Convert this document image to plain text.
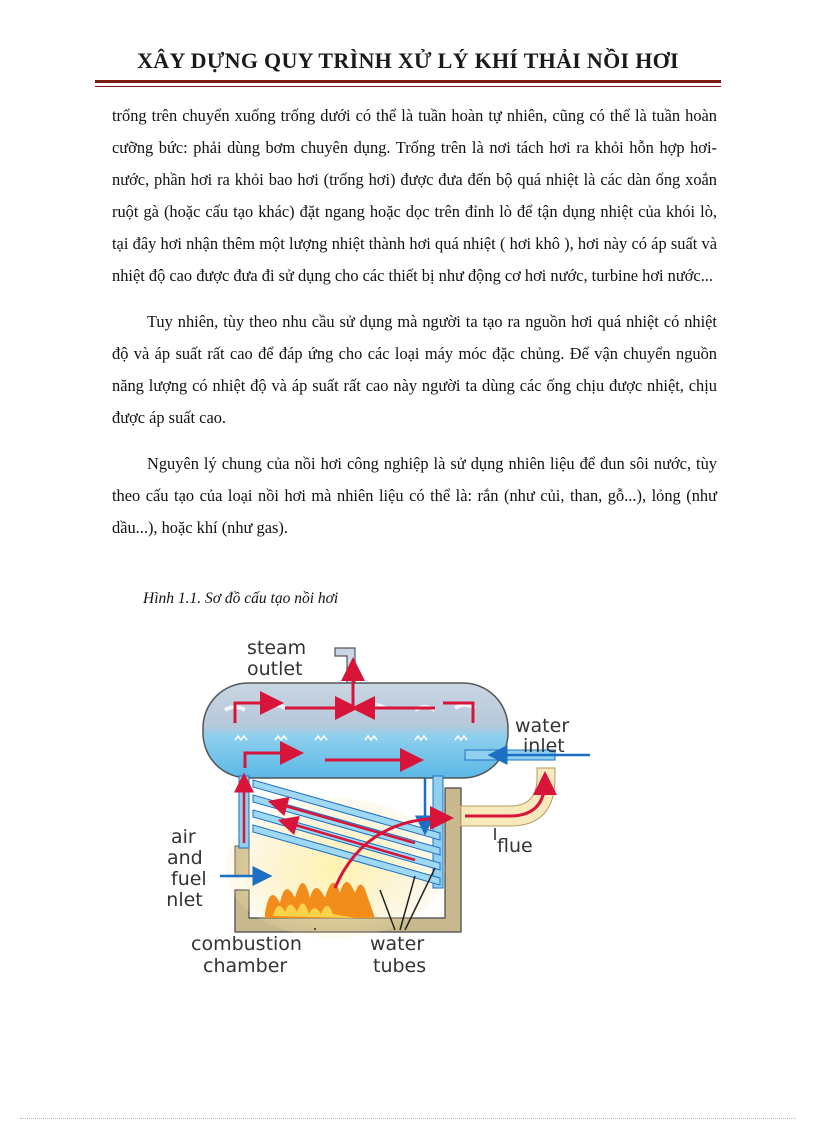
XÂY DỰNG QUY TRÌNH XỬ LÝ KHÍ THẢI NỒI HƠI

trống trên chuyển xuống trống dưới có thể là tuần hoàn tự nhiên, cũng có thể là tuần hoàn cưỡng bức: phải dùng bơm chuyên dụng. Trống trên là nơi tách hơi ra khỏi hỗn hợp hơi-nước, phần hơi ra khỏi bao hơi (trống hơi) được đưa đến bộ quá nhiệt là các dàn ống xoắn ruột gà (hoặc cấu tạo khác) đặt ngang hoặc dọc trên đỉnh lò để tận dụng nhiệt của khói lò, tại đây hơi nhận thêm một lượng nhiệt thành hơi quá nhiệt ( hơi khô ), hơi này có áp suất và nhiệt độ cao được đưa đi sử dụng cho các thiết bị như động cơ hơi nước, turbine hơi nước...

Tuy nhiên, tùy theo nhu cầu sử dụng mà người ta tạo ra nguồn hơi quá nhiệt có nhiệt độ và áp suất rất cao để đáp ứng cho các loại máy móc đặc chủng. Để vận chuyển nguồn năng lượng có nhiệt độ và áp suất rất cao này người ta dùng các ống chịu được nhiệt, chịu được áp suất cao.

Nguyên lý chung của nồi hơi công nghiệp là sử dụng nhiên liệu để đun sôi nước, tùy theo cấu tạo của loại nồi hơi mà nhiên liệu có thể là: rắn (như củi, than, gỗ...), lỏng (như dầu...), hoặc khí (như gas).

Hình 1.1. Sơ đồ cấu tạo nồi hơi
steam
outlet
water
inlet
flue
air
and
fuel
inlet
combustion
chamber
water
tubes
